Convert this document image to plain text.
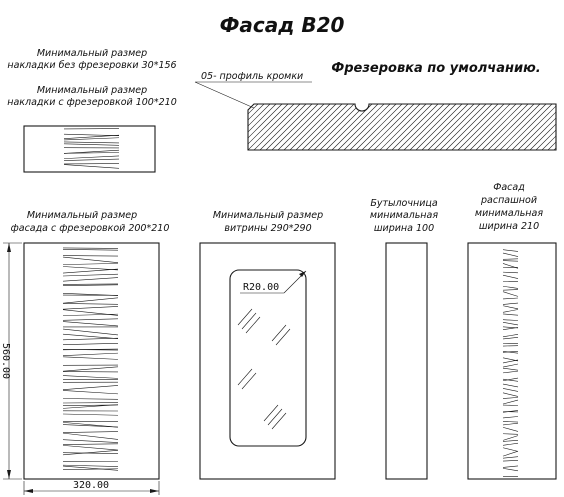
Фасад В20
Минимальный размер
накладки без фрезеровки 30*156
Минимальный размер
накладки с фрезеровкой 100*210
Фрезеровка по умолчанию.
05- профиль кромки
Минимальный размер
фасада с фрезеровкой 200*210
Минимальный размер
витрины 290*290
Бутылочница
минимальная
ширина 100
Фасад
распашной
минимальная
ширина 210
560.00
320.00
R20.00
